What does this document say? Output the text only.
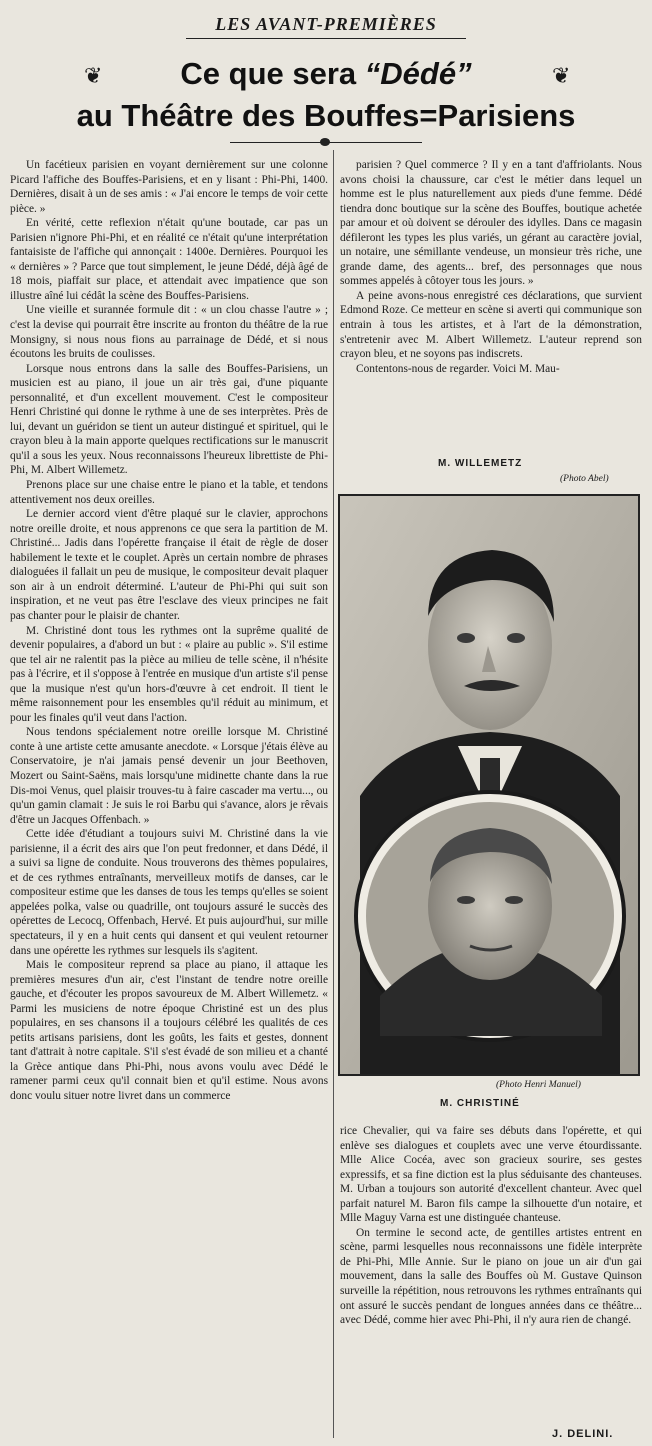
LES AVANT-PREMIÈRES
❦	❦
Ce que sera “Dédé”
au Théâtre des Bouffes=Parisiens

Un facétieux parisien en voyant dernièrement sur une colonne Picard l'affiche des Bouffes-Parisiens, et en y lisant : Phi-Phi, 1400. Dernières, disait à un de ses amis : « J'ai encore le temps de voir cette pièce. »

En vérité, cette reflexion n'était qu'une boutade, car pas un Parisien n'ignore Phi-Phi, et en réalité ce n'était qu'une interprétation fantaisiste de l'affiche qui annonçait : 1400e. Dernières. Pourquoi les « dernières » ? Parce que tout simplement, le jeune Dédé, déjà âgé de 18 mois, piaffait sur place, et attendait avec impatience que son illustre aîné lui cédât la scène des Bouffes-Parisiens.

Une vieille et surannée formule dit : « un clou chasse l'autre » ; c'est la devise qui pourrait être inscrite au fronton du théâtre de la rue Monsigny, si nous nous fions au parrainage de Dédé, et si nous écoutons les bruits de coulisses.

Lorsque nous entrons dans la salle des Bouffes-Parisiens, un musicien est au piano, il joue un air très gai, d'une piquante personnalité, et d'un excellent mouvement. C'est le compositeur Henri Christiné qui donne le rythme à une de ses interprètes. Près de lui, devant un guéridon se tient un auteur distingué et spirituel, qui le crayon bleu à la main apporte quelques rectifications sur le manuscrit qu'il a sous les yeux. Nous reconnaissons l'heureux librettiste de Phi-Phi, M. Albert Willemetz.

Prenons place sur une chaise entre le piano et la table, et tendons attentivement nos deux oreilles.

Le dernier accord vient d'être plaqué sur le clavier, approchons notre oreille droite, et nous apprenons ce que sera la partition de M. Christiné... Jadis dans l'opérette française il était de règle de doser habilement le texte et le couplet. Après un certain nombre de phrases dialoguées il fallait un peu de musique, le compositeur devait plaquer son air à un endroit déterminé. L'auteur de Phi-Phi qui suit son inspiration, et ne veut pas être l'esclave des vieux principes ne fait pas chanter pour le plaisir de chanter.

M. Christiné dont tous les rythmes ont la suprême qualité de devenir populaires, a d'abord un but : « plaire au public ». S'il estime que tel air ne ralentit pas la pièce au milieu de telle scène, il n'hésite pas à l'écrire, et il s'oppose à l'entrée en musique d'un artiste s'il pense que la musique n'est qu'un hors-d'œuvre à cet endroit. Il tient le même raisonnement pour les ensembles qu'il réduit au minimum, et pour les finales qu'il veut dans l'action.

Nous tendons spécialement notre oreille lorsque M. Christiné conte à une artiste cette amusante anecdote. « Lorsque j'étais élève au Conservatoire, je n'ai jamais pensé devenir un jour Beethoven, Mozert ou Saint-Saëns, mais lorsqu'une midinette chante dans la rue Dis-moi Venus, quel plaisir trouves-tu à faire cascader ma vertu..., ou qu'un gamin clamait : Je suis le roi Barbu qui s'avance, alors je rêvais d'être un Jacques Offenbach. »

Cette idée d'étudiant a toujours suivi M. Christiné dans la vie parisienne, il a écrit des airs que l'on peut fredonner, et dans Dédé, il a suivi sa ligne de conduite. Nous trouverons des thèmes populaires, et de ces rythmes entraînants, merveilleux motifs de danses, car le compositeur estime que les danses de tous les temps qu'elles se soient appelées polka, valse ou quadrille, ont toujours assuré le succès des opérettes de Lecocq, Offenbach, Hervé. Et puis aujourd'hui, sur mille spectateurs, il y en a huit cents qui dansent et qui veulent retourner dans une opérette les rythmes sur lesquels ils s'agitent.

Mais le compositeur reprend sa place au piano, il attaque les premières mesures d'un air, c'est l'instant de tendre notre oreille gauche, et d'écouter les propos savoureux de M. Albert Willemetz. « Parmi les musiciens de notre époque Christiné est un des plus populaires, en ses chansons il a toujours célébré les qualités de ces petits artisans parisiens, dont les goûts, les faits et gestes, donnent tant d'attrait à notre capitale. S'il s'est évadé de son milieu et a chanté la Grèce antique dans Phi-Phi, nous avons voulu avec Dédé le ramener parmi ceux qu'il connait bien et qu'il estime. Nous avons donc voulu situer notre livret dans un commerce

parisien ? Quel commerce ? Il y en a tant d'affriolants. Nous avons choisi la chaussure, car c'est le métier dans lequel un homme est le plus naturellement aux pieds d'une femme. Dédé tiendra donc boutique sur la scène des Bouffes, boutique achetée par amour et où doivent se dérouler des idylles. Dans ce magasin défileront les types les plus variés, un gérant au caractère jovial, un notaire, une sémillante vendeuse, un monsieur très riche, une grande dame, des agents... bref, des personnages que nous sommes appelés à côtoyer tous les jours. »

A peine avons-nous enregistré ces déclarations, que survient Edmond Roze. Ce metteur en scène si averti qui communique son entrain à tous les artistes, et à l'art de la démonstration, s'entretenir avec M. Albert Willemetz. L'auteur reprend son crayon bleu, et ne soyons pas indiscrets.

Contentons-nous de regarder. Voici M. Mau-

M. WILLEMETZ
(Photo Abel)
(Photo Henri Manuel)
M. CHRISTINÉ

rice Chevalier, qui va faire ses débuts dans l'opérette, et qui enlève ses dialogues et couplets avec une verve étourdissante. Mlle Alice Cocéa, avec son gracieux sourire, ses gestes expressifs, et sa fine diction est la plus séduisante des chanteuses. M. Urban a toujours son autorité d'excellent chanteur. Avec quel parfait naturel M. Baron fils campe la silhouette d'un notaire, et Mlle Maguy Varna est une distinguée chanteuse.

On termine le second acte, de gentilles artistes entrent en scène, parmi lesquelles nous reconnaissons une fidèle interprète de Phi-Phi, Mlle Annie. Sur le piano on joue un air d'un gai mouvement, dans la salle des Bouffes où M. Gustave Quinson surveille la répétition, nous retrouvons les rythmes entraînants qui ont assuré le succès pendant de longues années dans ce théâtre... avec Dédé, comme hier avec Phi-Phi, il n'y aura rien de changé.

J. DELINI.
